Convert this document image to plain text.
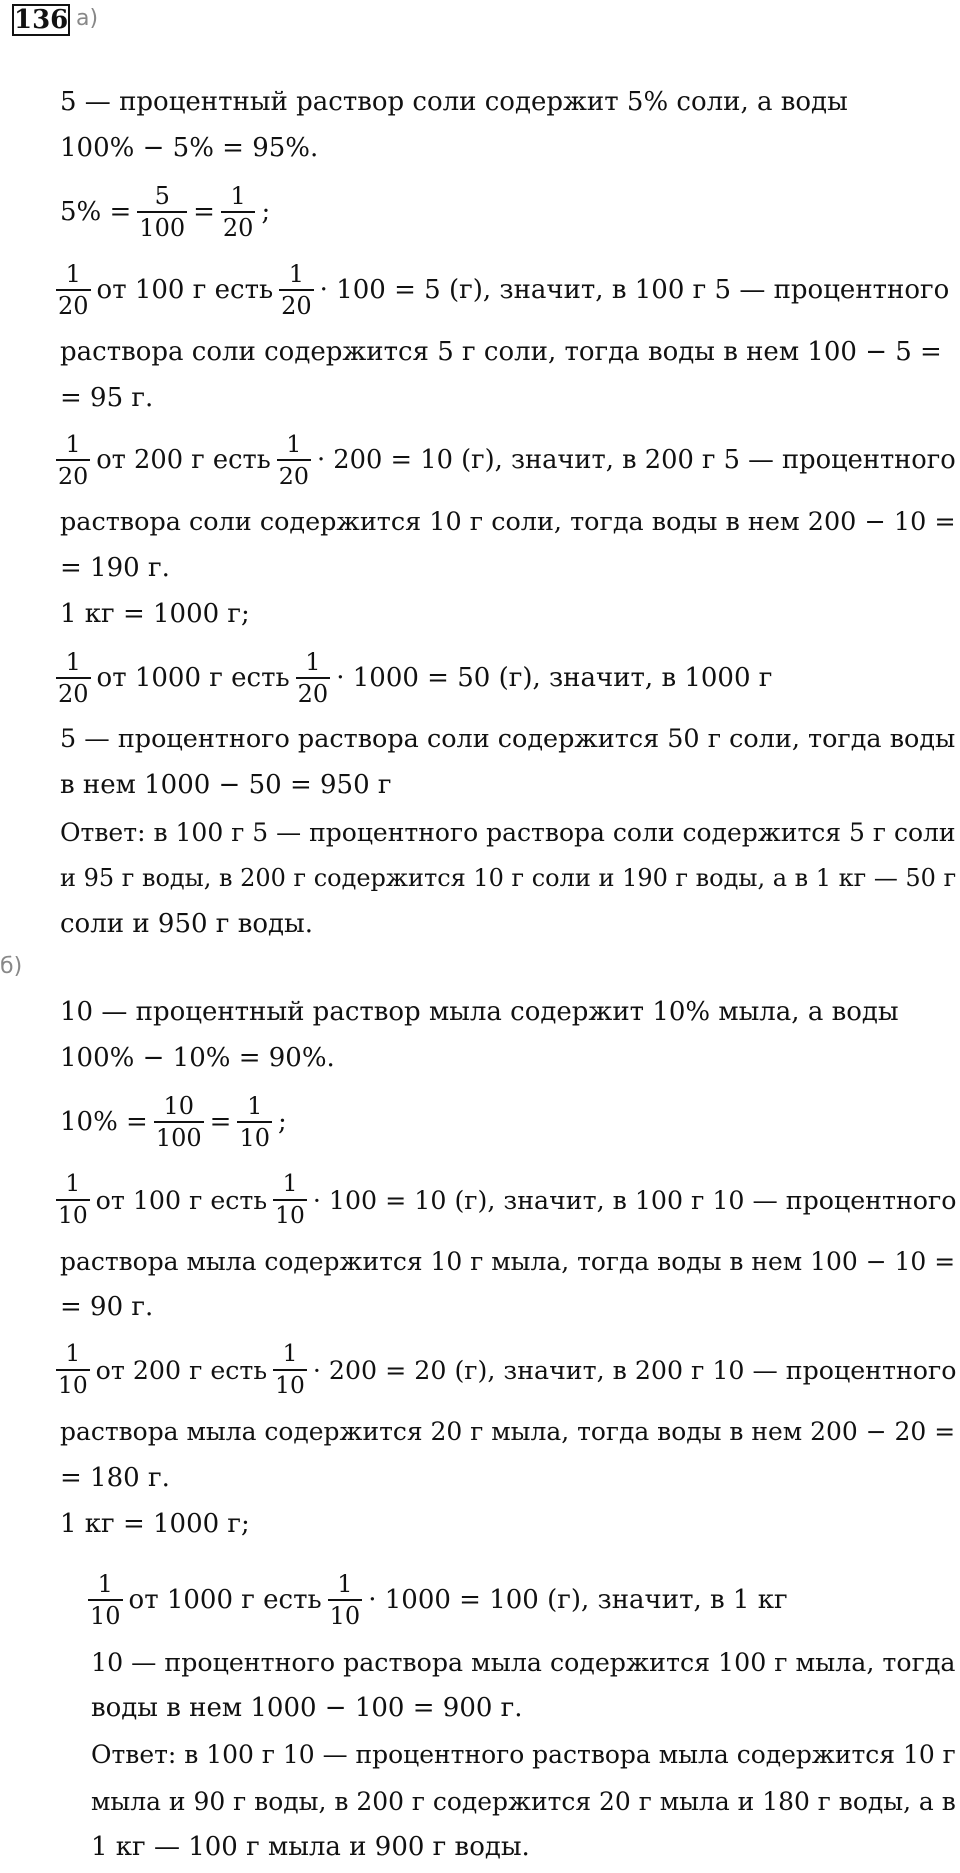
136 а)
5 — процентный раствор соли содержит 5% соли, а воды
100% − 5% = 95%.
$5\% = \frac{5}{100} = \frac{1}{20}$ ;
$\frac{1}{20}$ от 100 г есть $\frac{1}{20} \cdot 100 = 5$ (г), значит, в 100 г 5 — процентного
раствора соли содержится 5 г соли, тогда воды в нем 100 − 5 =
= 95 г.
$\frac{1}{20}$ от 200 г есть $\frac{1}{20} \cdot 200 = 10$ (г), значит, в 200 г 5 — процентного
раствора соли содержится 10 г соли, тогда воды в нем 200 − 10 =
= 190 г.
1 кг = 1000 г;
$\frac{1}{20}$ от 1000 г есть $\frac{1}{20} \cdot 1000 = 50$ (г), значит, в 1000 г
5 — процентного раствора соли содержится 50 г соли, тогда воды
в нем 1000 − 50 = 950 г
Ответ: в 100 г 5 — процентного раствора соли содержится 5 г соли
и 95 г воды, в 200 г содержится 10 г соли и 190 г воды, а в 1 кг — 50 г
соли и 950 г воды.
б)
10 — процентный раствор мыла содержит 10% мыла, а воды
100% − 10% = 90%.
$10\% = \frac{10}{100} = \frac{1}{10}$ ;
$\frac{1}{10}$ от 100 г есть $\frac{1}{10} \cdot 100 = 10$ (г), значит, в 100 г 10 — процентного
раствора мыла содержится 10 г мыла, тогда воды в нем 100 − 10 =
= 90 г.
$\frac{1}{10}$ от 200 г есть $\frac{1}{10} \cdot 200 = 20$ (г), значит, в 200 г 10 — процентного
раствора мыла содержится 20 г мыла, тогда воды в нем 200 − 20 =
= 180 г.
1 кг = 1000 г;
$\frac{1}{10}$ от 1000 г есть $\frac{1}{10} \cdot 1000 = 100$ (г), значит, в 1 кг
10 — процентного раствора мыла содержится 100 г мыла, тогда
воды в нем 1000 − 100 = 900 г.
Ответ: в 100 г 10 — процентного раствора мыла содержится 10 г
мыла и 90 г воды, в 200 г содержится 20 г мыла и 180 г воды, а в
1 кг — 100 г мыла и 900 г воды.
